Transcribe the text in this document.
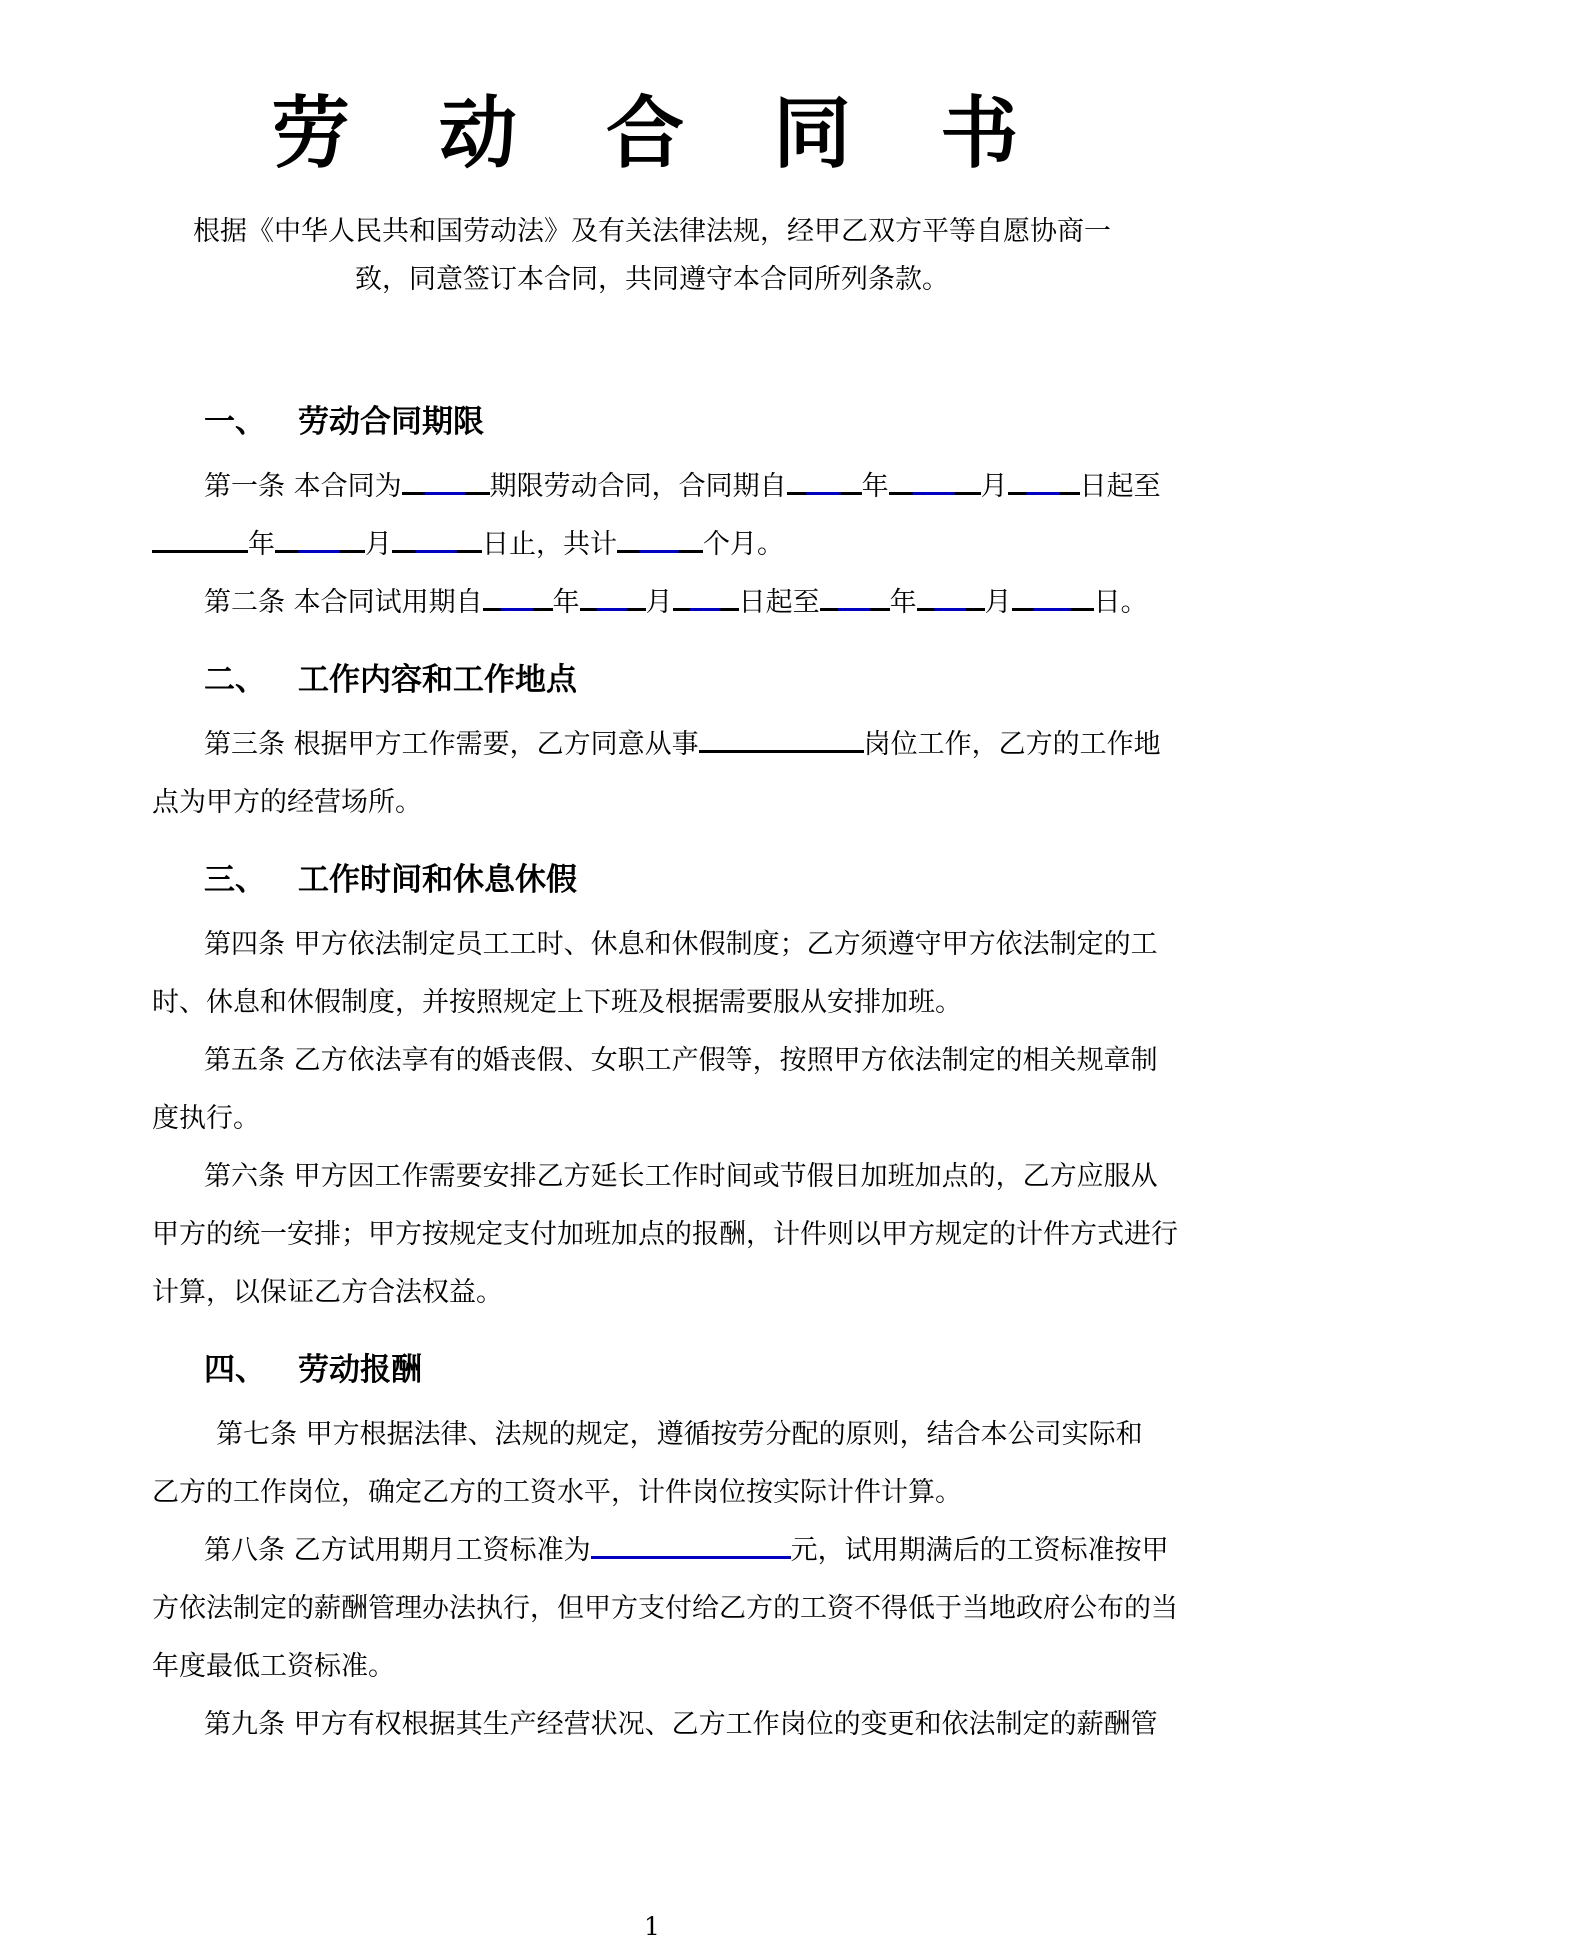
劳 动 合 同 书

根据《中华人民共和国劳动法》及有关法律法规，经甲乙双方平等自愿协商一
致，同意签订本合同，共同遵守本合同所列条款。

一、 劳动合同期限
第一条 本合同为	期限劳动合同，合同期自	年	月	日起至
年	月	日止，共计	个月。
第二条 本合同试用期自	年 月 日起至	年	月	日。
二、 工作内容和工作地点
第三条 根据甲方工作需要，乙方同意从事	岗位工作，乙方的工作地
点为甲方的经营场所。
三、 工作时间和休息休假
第四条 甲方依法制定员工工时、休息和休假制度；乙方须遵守甲方依法制定的工
时、休息和休假制度，并按照规定上下班及根据需要服从安排加班。
第五条 乙方依法享有的婚丧假、女职工产假等，按照甲方依法制定的相关规章制
度执行。
第六条 甲方因工作需要安排乙方延长工作时间或节假日加班加点的，乙方应服从
甲方的统一安排；甲方按规定支付加班加点的报酬，计件则以甲方规定的计件方式进行
计算，以保证乙方合法权益。
四、 劳动报酬
第七条 甲方根据法律、法规的规定，遵循按劳分配的原则，结合本公司实际和
乙方的工作岗位，确定乙方的工资水平，计件岗位按实际计件计算。
第八条 乙方试用期月工资标准为	元，试用期满后的工资标准按甲
方依法制定的薪酬管理办法执行，但甲方支付给乙方的工资不得低于当地政府公布的当
年度最低工资标准。
第九条 甲方有权根据其生产经营状况、乙方工作岗位的变更和依法制定的薪酬管
1
